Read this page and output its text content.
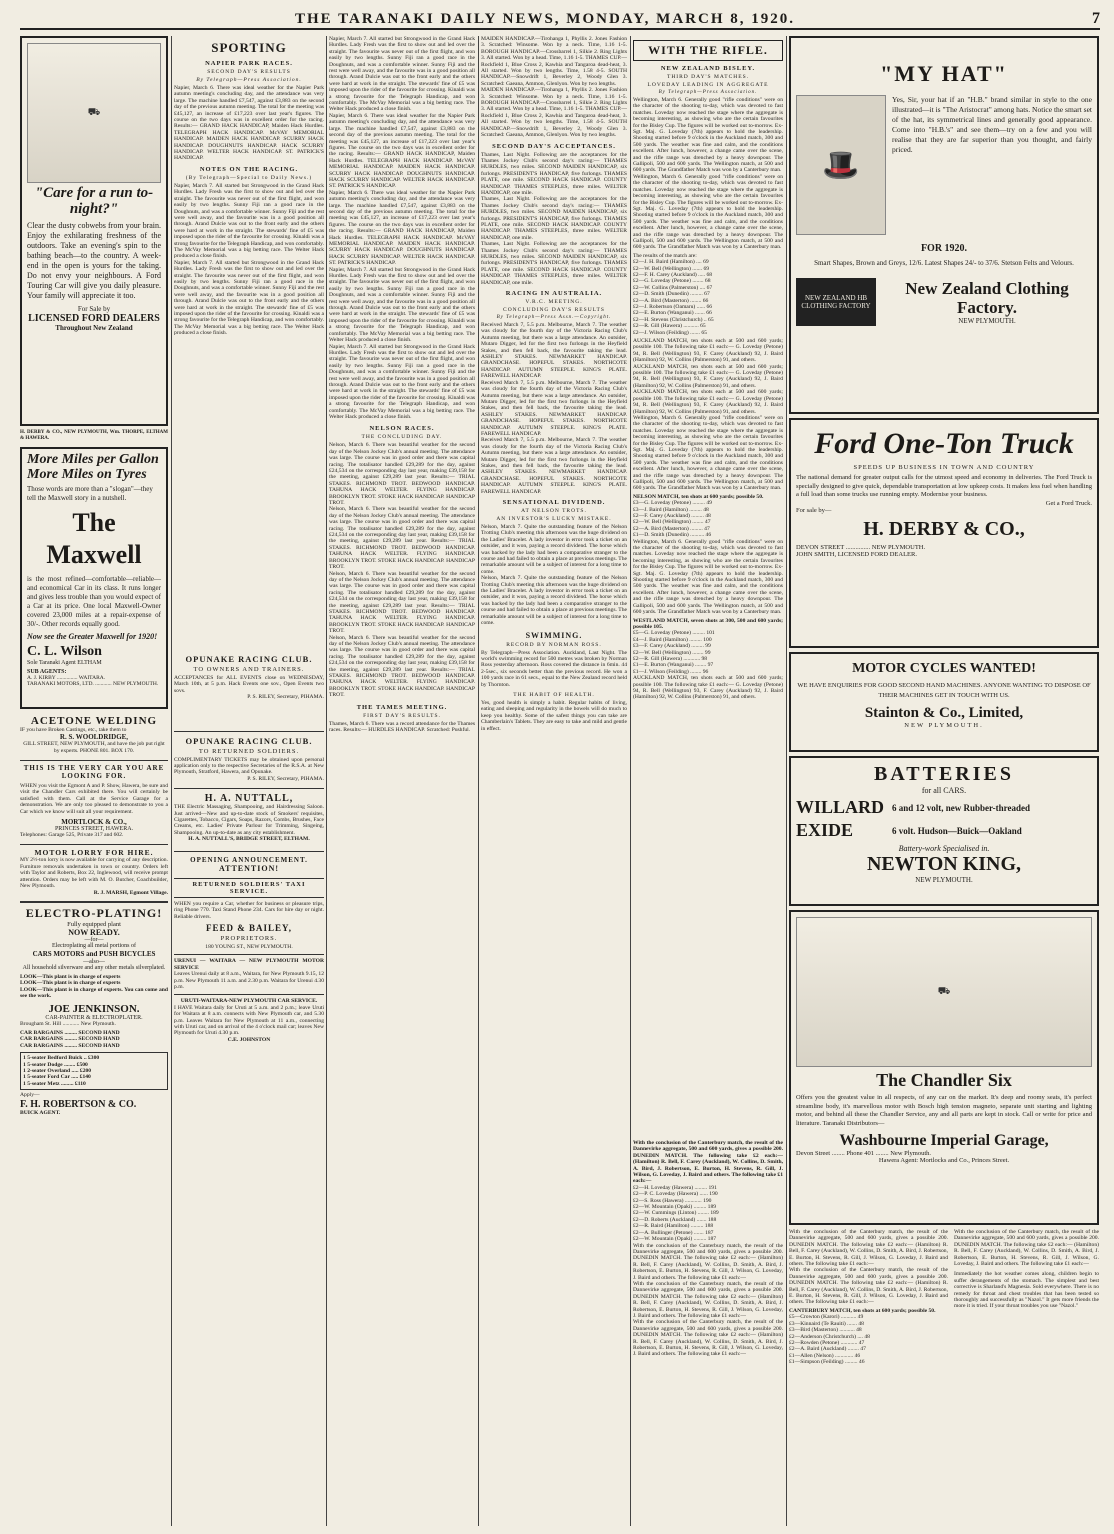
THE TARANAKI DAILY NEWS, MONDAY, MARCH 8, 1920.	7
⛟
"Care for a run to-night?"
Clear the dusty cobwebs from your brain. Enjoy the exhilarating freshness of the outdoors. Take an evening's spin to the bathing beach—to the country. A week-end in the open is yours for the taking. Do not envy your neighbours. A Ford Touring Car will give you daily pleasure. Your family will appreciate it too.
For Sale by
LICENSED FORD DEALERS
Throughout New Zealand
H. DERBY & CO., NEW PLYMOUTH, Wm. THORPE, ELTHAM & HAWERA.
More Miles per Gallon
More Miles on Tyres
Those words are more than a "slogan"—they tell the Maxwell story in a nutshell.
The Maxwell
is the most refined—comfortable—reliable—and economical Car in its class. It runs longer and gives less trouble than you would expect of a Car at its price. One local Maxwell-Owner covered 23,000 miles at a repair-expense of 30/-. Other records equally good.
Now see the Greater Maxwell for 1920!
C. L. Wilson
Sole Taranaki Agent ELTHAM
SUB AGENTS:
A. J. KIRBY ............... WAITARA.
TARANAKI MOTORS, LTD. ............ NEW PLYMOUTH.
ACETONE WELDING
IF you have Broken Castings, etc., take them to
R. S. WOOLDRIDGE,
GILL STREET, NEW PLYMOUTH, and have the job put right by experts. PHONE 801. BOX 170.
THIS IS THE VERY CAR YOU ARE LOOKING FOR.
WHEN you visit the Egmont A and P. Show, Hawera, be sure and visit the Chandler Cars exhibited there. You will certainly be satisfied with them. Call at the Service Garage for a demonstration. We are only too pleased to demonstrate to you a Car which we know will suit all your requirement.
MORTLOCK & CO.,
PRINCES STREET, HAWERA.
Telephones: Garage 525, Private 317 and 602.
MOTOR LORRY FOR HIRE.
MY 2½-ton lorry is now available for carrying of any description. Furniture removals undertaken in town or country. Orders left with Taylor and Roberts, Box 22, Inglewood, will receive prompt attention. Orders may be left with M. O. Butcher, Coachbuilder, New Plymouth.
R. J. MARSH, Egmont Village.
ELECTRO-PLATING!
Fully equipped plant
NOW READY.
—for—
Electroplating all metal portions of
CARS MOTORS and PUSH BICYCLES
—also—
All household silverware and any other metals silverplated.
LOOK—This plant is in charge of experts
LOOK—This plant is in charge of experts
LOOK—This plant is in charge of experts. You can come and see the work.
JOE JENKINSON.
CAR-PAINTER & ELECTROPLATER.
Brougham St. Hill ............ New Plymouth.
CAR BARGAINS ......... SECOND HAND
CAR BARGAINS ......... SECOND HAND
CAR BARGAINS ......... SECOND HAND
1 5-seater Bedford Buick .. £300
1 5-seater Dodge ........ £500
1 2-seater Overland ..... £200
1 5-seater Ford Car ..... £140
1 5-seater Metz ......... £110
Apply—
F. H. ROBERTSON & CO.
BUICK AGENT.
OPUNAKE RACING CLUB.
TO OWNERS AND TRAINERS.
ACCEPTANCES for ALL EVENTS close on WEDNESDAY, March 10th, at 5 p.m. Hack Events one sov., Open Events two sovs.
P. S. RILEY, Secretary, PIHAMA.
OPUNAKE RACING CLUB.
TO RETURNED SOLDIERS.
COMPLIMENTARY TICKETS may be obtained upon personal application only to the respective Secretaries of the R.S.A. at New Plymouth, Stratford, Hawera, and Opunake.
P. S. RILEY, Secretary, PIHAMA.
H. A. NUTTALL,
THE Electric Massaging, Shampooing, and Hairdressing Saloon. Just arrived—New and up-to-date stock of Smokers' requisites, Cigarettes, Tobacco, Cigars, Soaps, Razors, Combs, Brushes, Face Creams, etc. Ladies' Private Parlour for Trimming, Singeing, Shampooing. An up-to-date as any city establishment.
H. A. NUTTALL'S, BRIDGE STREET, ELTHAM.
OPENING ANNOUNCEMENT.
ATTENTION!
RETURNED SOLDIERS' TAXI SERVICE.
WHEN you require a Car, whether for business or pleasure trips, ring Phone 770. Taxi Stand Phone 234. Cars for hire day or night. Reliable drivers.
FEED & BAILEY,
PROPRIETORS.
180 YOUNG ST., NEW PLYMOUTH.
URENUI — WAITARA — NEW PLYMOUTH MOTOR SERVICE
Leaves Urenui daily at 8 a.m., Waitara, for New Plymouth 9.15, 12 p.m. New Plymouth 11 a.m. and 2.30 p.m. Waitara for Urenui 4.30 p.m.
URUTI-WAITARA-NEW PLYMOUTH CAR SERVICE.
I HAVE Waitara daily for Uruti at 5 a.m. and 2 p.m.; leave Uruti for Waitara at 8 a.m. connects with New Plymouth car, and 5.30 p.m. Leaves Waitara for New Plymouth at 11 a.m., connecting with Uruti car, and on arrival of the 4 o'clock mail car; leaves New Plymouth for Uruti 4.30 p.m.
C.E. JOHNSTON
SPORTING
NAPIER PARK RACES.
SECOND DAY'S RESULTS
By Telegraph—Press Association.
Napier, March 6. There was ideal weather for the Napier Park autumn meeting's concluding day, and the attendance was very large. The machine handled £7,547, against £3,883 on the second day of the previous autumn meeting. The total for the meeting was £45,127, an increase of £17,223 over last year's figures. The course on the two days was in excellent order for the racing. Results:— GRAND HACK HANDICAP, Maiden Hack Hurdles. TELEGRAPH HACK HANDICAP. McVAY MEMORIAL HANDICAP. MAIDEN HACK HANDICAP. SCURRY HACK HANDICAP. DOUGHNUTS HANDICAP. HACK SCURRY HANDICAP. WELTER HACK HANDICAP. ST. PATRICK'S HANDICAP.
NOTES ON THE RACING.
(By Telegraph—Special to Daily News.)
Napier, March 7. All started but Strongwood in the Grand Hack Hurdles. Lady Fresh was the first to show out and led over the straight. The favourite was never out of the first flight, and won easily by two lengths. Sunny Fiji ran a good race in the Doughnuts, and was a comfortable winner. Sunny Fiji and the rest were well away, and the favourite was in a good position all through. Arand Dulcie was out to the front early and the others were hard at work in the straight. The stewards' fine of £5 was imposed upon the rider of the favourite for crossing. Kinaldi was a strong favourite for the Telegraph Handicap, and won comfortably. The McVay Memorial was a big betting race. The Welter Hack produced a close finish.
Napier, March 7. All started but Strongwood in the Grand Hack Hurdles. Lady Fresh was the first to show out and led over the straight. The favourite was never out of the first flight, and won easily by two lengths. Sunny Fiji ran a good race in the Doughnuts, and was a comfortable winner. Sunny Fiji and the rest were well away, and the favourite was in a good position all through. Arand Dulcie was out to the front early and the others were hard at work in the straight. The stewards' fine of £5 was imposed upon the rider of the favourite for crossing. Kinaldi was a strong favourite for the Telegraph Handicap, and won comfortably. The McVay Memorial was a big betting race. The Welter Hack produced a close finish.
Napier, March 7. All started but Strongwood in the Grand Hack Hurdles. Lady Fresh was the first to show out and led over the straight. The favourite was never out of the first flight, and won easily by two lengths. Sunny Fiji ran a good race in the Doughnuts, and was a comfortable winner. Sunny Fiji and the rest were well away, and the favourite was in a good position all through. Arand Dulcie was out to the front early and the others were hard at work in the straight. The stewards' fine of £5 was imposed upon the rider of the favourite for crossing. Kinaldi was a strong favourite for the Telegraph Handicap, and won comfortably. The McVay Memorial was a big betting race. The Welter Hack produced a close finish.
Napier, March 6. There was ideal weather for the Napier Park autumn meeting's concluding day, and the attendance was very large. The machine handled £7,547, against £3,883 on the second day of the previous autumn meeting. The total for the meeting was £45,127, an increase of £17,223 over last year's figures. The course on the two days was in excellent order for the racing. Results:— GRAND HACK HANDICAP, Maiden Hack Hurdles. TELEGRAPH HACK HANDICAP. McVAY MEMORIAL HANDICAP. MAIDEN HACK HANDICAP. SCURRY HACK HANDICAP. DOUGHNUTS HANDICAP. HACK SCURRY HANDICAP. WELTER HACK HANDICAP. ST. PATRICK'S HANDICAP.
Napier, March 6. There was ideal weather for the Napier Park autumn meeting's concluding day, and the attendance was very large. The machine handled £7,547, against £3,883 on the second day of the previous autumn meeting. The total for the meeting was £45,127, an increase of £17,223 over last year's figures. The course on the two days was in excellent order for the racing. Results:— GRAND HACK HANDICAP, Maiden Hack Hurdles. TELEGRAPH HACK HANDICAP. McVAY MEMORIAL HANDICAP. MAIDEN HACK HANDICAP. SCURRY HACK HANDICAP. DOUGHNUTS HANDICAP. HACK SCURRY HANDICAP. WELTER HACK HANDICAP. ST. PATRICK'S HANDICAP.
Napier, March 7. All started but Strongwood in the Grand Hack Hurdles. Lady Fresh was the first to show out and led over the straight. The favourite was never out of the first flight, and won easily by two lengths. Sunny Fiji ran a good race in the Doughnuts, and was a comfortable winner. Sunny Fiji and the rest were well away, and the favourite was in a good position all through. Arand Dulcie was out to the front early and the others were hard at work in the straight. The stewards' fine of £5 was imposed upon the rider of the favourite for crossing. Kinaldi was a strong favourite for the Telegraph Handicap, and won comfortably. The McVay Memorial was a big betting race. The Welter Hack produced a close finish.
Napier, March 7. All started but Strongwood in the Grand Hack Hurdles. Lady Fresh was the first to show out and led over the straight. The favourite was never out of the first flight, and won easily by two lengths. Sunny Fiji ran a good race in the Doughnuts, and was a comfortable winner. Sunny Fiji and the rest were well away, and the favourite was in a good position all through. Arand Dulcie was out to the front early and the others were hard at work in the straight. The stewards' fine of £5 was imposed upon the rider of the favourite for crossing. Kinaldi was a strong favourite for the Telegraph Handicap, and won comfortably. The McVay Memorial was a big betting race. The Welter Hack produced a close finish.
NELSON RACES.
THE CONCLUDING DAY.
Nelson, March 6. There was beautiful weather for the second day of the Nelson Jockey Club's annual meeting. The attendance was large. The course was in good order and there was capital racing. The totalisator handled £29,289 for the day, against £24,534 on the corresponding day last year, making £39,158 for the meeting, against £29,289 last year. Results:— TRIAL STAKES. RICHMOND TROT. BEDWOOD HANDICAP. TAHUNA HACK WELTER. FLYING HANDICAP. BROOKLYN TROT. STOKE HACK HANDICAP. HANDICAP TROT.
Nelson, March 6. There was beautiful weather for the second day of the Nelson Jockey Club's annual meeting. The attendance was large. The course was in good order and there was capital racing. The totalisator handled £29,289 for the day, against £24,534 on the corresponding day last year, making £39,158 for the meeting, against £29,289 last year. Results:— TRIAL STAKES. RICHMOND TROT. BEDWOOD HANDICAP. TAHUNA HACK WELTER. FLYING HANDICAP. BROOKLYN TROT. STOKE HACK HANDICAP. HANDICAP TROT.
Nelson, March 6. There was beautiful weather for the second day of the Nelson Jockey Club's annual meeting. The attendance was large. The course was in good order and there was capital racing. The totalisator handled £29,289 for the day, against £24,534 on the corresponding day last year, making £39,158 for the meeting, against £29,289 last year. Results:— TRIAL STAKES. RICHMOND TROT. BEDWOOD HANDICAP. TAHUNA HACK WELTER. FLYING HANDICAP. BROOKLYN TROT. STOKE HACK HANDICAP. HANDICAP TROT.
Nelson, March 6. There was beautiful weather for the second day of the Nelson Jockey Club's annual meeting. The attendance was large. The course was in good order and there was capital racing. The totalisator handled £29,289 for the day, against £24,534 on the corresponding day last year, making £39,158 for the meeting, against £29,289 last year. Results:— TRIAL STAKES. RICHMOND TROT. BEDWOOD HANDICAP. TAHUNA HACK WELTER. FLYING HANDICAP. BROOKLYN TROT. STOKE HACK HANDICAP. HANDICAP TROT.
THE TAMES MEETING.
FIRST DAY'S RESULTS.
Thames, March 6. There was a record attendance for the Thames races. Results:— HURDLES HANDICAP. Scratched: Pushful.
MAIDEN HANDICAP.—Tirohanga 1, Phyllis 2. Jones Fashion 3. Scratched: Winsome. Won by a neck. Time, 1.16 1-5. BOROUGH HANDICAP.—Crossbarrel 1, Silkie 2. Ring Lights 3. All started. Won by a head. Time, 1.16 1-5. THAMES CUP.—Rockfield 1, Blue Cross 2, Kawhia and Tangaroa dead-heat, 3. All started. Won by two lengths. Time, 1.58 4-5. SOUTH HANDICAP.—Snowdrift 1, Beverley 2, Woody Glen 3. Scratched: Gaeana, Ammon, Glenlyon. Won by two lengths.
MAIDEN HANDICAP.—Tirohanga 1, Phyllis 2. Jones Fashion 3. Scratched: Winsome. Won by a neck. Time, 1.16 1-5. BOROUGH HANDICAP.—Crossbarrel 1, Silkie 2. Ring Lights 3. All started. Won by a head. Time, 1.16 1-5. THAMES CUP.—Rockfield 1, Blue Cross 2, Kawhia and Tangaroa dead-heat, 3. All started. Won by two lengths. Time, 1.58 4-5. SOUTH HANDICAP.—Snowdrift 1, Beverley 2, Woody Glen 3. Scratched: Gaeana, Ammon, Glenlyon. Won by two lengths.
SECOND DAY'S ACCEPTANCES.
Thames, Last Night. Following are the acceptances for the Thames Jockey Club's second day's racing:— THAMES HURDLES, two miles. SECOND MAIDEN HANDICAP, six furlongs. PRESIDENT'S HANDICAP, five furlongs. THAMES PLATE, one mile. SECOND HACK HANDICAP. COUNTY HANDICAP. THAMES STEEPLES, three miles. WELTER HANDICAP, one mile.
Thames, Last Night. Following are the acceptances for the Thames Jockey Club's second day's racing:— THAMES HURDLES, two miles. SECOND MAIDEN HANDICAP, six furlongs. PRESIDENT'S HANDICAP, five furlongs. THAMES PLATE, one mile. SECOND HACK HANDICAP. COUNTY HANDICAP. THAMES STEEPLES, three miles. WELTER HANDICAP, one mile.
Thames, Last Night. Following are the acceptances for the Thames Jockey Club's second day's racing:— THAMES HURDLES, two miles. SECOND MAIDEN HANDICAP, six furlongs. PRESIDENT'S HANDICAP, five furlongs. THAMES PLATE, one mile. SECOND HACK HANDICAP. COUNTY HANDICAP. THAMES STEEPLES, three miles. WELTER HANDICAP, one mile.
RACING IN AUSTRALIA.
V.R.C. MEETING.
CONCLUDING DAY'S RESULTS
By Telegraph—Press Assn.—Copyright.
Received March 7, 5.5 p.m. Melbourne, March 7. The weather was cloudy for the fourth day of the Victoria Racing Club's Autumn meeting, but there was a large attendance. An outsider, Mutaro Digger, led for the first two furlongs in the Heyfield Stakes, and then fell back, the favourite taking the lead. ASHLEY STAKES. NEWMARKET HANDICAP. GRANDCHASE. HOPEFUL STAKES. NORTHCOTE HANDICAP. AUTUMN STEEPLE. KING'S PLATE. FAREWELL HANDICAP.
Received March 7, 5.5 p.m. Melbourne, March 7. The weather was cloudy for the fourth day of the Victoria Racing Club's Autumn meeting, but there was a large attendance. An outsider, Mutaro Digger, led for the first two furlongs in the Heyfield Stakes, and then fell back, the favourite taking the lead. ASHLEY STAKES. NEWMARKET HANDICAP. GRANDCHASE. HOPEFUL STAKES. NORTHCOTE HANDICAP. AUTUMN STEEPLE. KING'S PLATE. FAREWELL HANDICAP.
Received March 7, 5.5 p.m. Melbourne, March 7. The weather was cloudy for the fourth day of the Victoria Racing Club's Autumn meeting, but there was a large attendance. An outsider, Mutaro Digger, led for the first two furlongs in the Heyfield Stakes, and then fell back, the favourite taking the lead. ASHLEY STAKES. NEWMARKET HANDICAP. GRANDCHASE. HOPEFUL STAKES. NORTHCOTE HANDICAP. AUTUMN STEEPLE. KING'S PLATE. FAREWELL HANDICAP.
SENSATIONAL DIVIDEND.
AT NELSON TROTS.
AN INVESTOR'S LUCKY MISTAKE.
Nelson, March 7. Quite the outstanding feature of the Nelson Trotting Club's meeting this afternoon was the huge dividend on the Ladies' Bracelet. A lady investor in error took a ticket on an outsider, and it won, paying a record dividend. The horse which was backed by the lady had been a comparative stranger to the course and had failed to obtain a place at previous meetings. The remarkable amount will be a subject of interest for a long time to come.
Nelson, March 7. Quite the outstanding feature of the Nelson Trotting Club's meeting this afternoon was the huge dividend on the Ladies' Bracelet. A lady investor in error took a ticket on an outsider, and it won, paying a record dividend. The horse which was backed by the lady had been a comparative stranger to the course and had failed to obtain a place at previous meetings. The remarkable amount will be a subject of interest for a long time to come.
SWIMMING.
RECORD BY NORMAN ROSS.
By Telegraph—Press Association. Auckland, Last Night. The world's swimming record for 500 metres was broken by Norman Ross yesterday afternoon. Ross covered the distance in 6min. 44 2-5sec., six seconds better than the previous record. He won a 100 yards race in 61 secs., equal to the New Zealand record held by Thornton.
THE HABIT OF HEALTH.
Yes, good health is simply a habit. Regular habits of living, eating and sleeping and regularity in the bowels will do much to keep you healthy. Some of the safest things you can take are Chamberlain's Tablets. They are easy to take and mild and gentle in effect.
WITH THE RIFLE.
NEW ZEALAND BISLEY.
THIRD DAY'S MATCHES.
LOVEDAY LEADING IN AGGREGATE
By Telegraph—Press Association.
Wellington, March 6. Generally good "rifle conditions" were on the character of the shooting to-day, which was devoted to fast matches. Loveday now reached the stage where the aggregate is becoming interesting, as showing who are the certain favourites for the Bisley Cup. The figures will be worked out to-morrow. Ex-Sgt. Maj. G. Loveday (7th) appears to hold the leadership. Shooting started before 9 o'clock in the Auckland match, 300 and 500 yards. The weather was fine and calm, and the conditions excellent. After lunch, however, a change came over the scene, and the rifle range was drenched by a heavy downpour. The Gallipoli, 500 and 600 yards. The Wellington match, at 500 and 600 yards. The Grandfather Match was won by a Canterbury man.
Wellington, March 6. Generally good "rifle conditions" were on the character of the shooting to-day, which was devoted to fast matches. Loveday now reached the stage where the aggregate is becoming interesting, as showing who are the certain favourites for the Bisley Cup. The figures will be worked out to-morrow. Ex-Sgt. Maj. G. Loveday (7th) appears to hold the leadership. Shooting started before 9 o'clock in the Auckland match, 300 and 500 yards. The weather was fine and calm, and the conditions excellent. After lunch, however, a change came over the scene, and the rifle range was drenched by a heavy downpour. The Gallipoli, 500 and 600 yards. The Wellington match, at 500 and 600 yards. The Grandfather Match was won by a Canterbury man.
The results of the match are:
• £2—J. H. Baird (Hamilton) .... 69
• £2—W. Bell (Wellington) ....... 69
• £2—F. H. Carey (Auckland) ..... 68
• £2—G. Loveday (Petone) ........ 68
• £2—W. Collins (Palmerston) .... 67
• £2—D. Smith (Dunedin) ......... 67
• £2—A. Bird (Masterton) ........ 66
• £2—J. Robertson (Oamaru) ...... 66
• £2—E. Burton (Wanganui) ....... 66
• £2—H. Stevens (Christchurch) .. 65
• £2—R. Gill (Hawera) ........... 65
• £2—J. Wilson (Feilding) ....... 65
AUCKLAND MATCH, ten shots each at 500 and 600 yards; possible 100. The following take £1 each:— G. Loveday (Petone) 94, R. Bell (Wellington) 93, F. Carey (Auckland) 92, J. Baird (Hamilton) 92, W. Collins (Palmerston) 91, and others.
AUCKLAND MATCH, ten shots each at 500 and 600 yards; possible 100. The following take £1 each:— G. Loveday (Petone) 94, R. Bell (Wellington) 93, F. Carey (Auckland) 92, J. Baird (Hamilton) 92, W. Collins (Palmerston) 91, and others.
AUCKLAND MATCH, ten shots each at 500 and 600 yards; possible 100. The following take £1 each:— G. Loveday (Petone) 94, R. Bell (Wellington) 93, F. Carey (Auckland) 92, J. Baird (Hamilton) 92, W. Collins (Palmerston) 91, and others.
Wellington, March 6. Generally good "rifle conditions" were on the character of the shooting to-day, which was devoted to fast matches. Loveday now reached the stage where the aggregate is becoming interesting, as showing who are the certain favourites for the Bisley Cup. The figures will be worked out to-morrow. Ex-Sgt. Maj. G. Loveday (7th) appears to hold the leadership. Shooting started before 9 o'clock in the Auckland match, 300 and 500 yards. The weather was fine and calm, and the conditions excellent. After lunch, however, a change came over the scene, and the rifle range was drenched by a heavy downpour. The Gallipoli, 500 and 600 yards. The Wellington match, at 500 and 600 yards. The Grandfather Match was won by a Canterbury man.
NELSON MATCH, ten shots at 600 yards; possible 50.
• £3—G. Loveday (Petone) ......... 49
• £3—J. Baird (Hamilton) ......... 48
• £2—F. Carey (Auckland) ......... 48
• £2—W. Bell (Wellington) ........ 47
• £2—A. Bird (Masterton) ......... 47
• £1—D. Smith (Dunedin) .......... 46
Wellington, March 6. Generally good "rifle conditions" were on the character of the shooting to-day, which was devoted to fast matches. Loveday now reached the stage where the aggregate is becoming interesting, as showing who are the certain favourites for the Bisley Cup. The figures will be worked out to-morrow. Ex-Sgt. Maj. G. Loveday (7th) appears to hold the leadership. Shooting started before 9 o'clock in the Auckland match, 300 and 500 yards. The weather was fine and calm, and the conditions excellent. After lunch, however, a change came over the scene, and the rifle range was drenched by a heavy downpour. The Gallipoli, 500 and 600 yards. The Wellington match, at 500 and 600 yards. The Grandfather Match was won by a Canterbury man.
WESTLAND MATCH, seven shots at 300, 500 and 600 yards; possible 105.
• £5—G. Loveday (Petone) ......... 101
• £4—J. Baird (Hamilton) ......... 100
• £3—F. Carey (Auckland) ......... 99
• £2—W. Bell (Wellington) ........ 99
• £2—R. Gill (Hawera) ............ 98
• £1—E. Burton (Wanganui) ........ 97
• £1—J. Wilson (Feilding) ........ 96
AUCKLAND MATCH, ten shots each at 500 and 600 yards; possible 100. The following take £1 each:— G. Loveday (Petone) 94, R. Bell (Wellington) 93, F. Carey (Auckland) 92, J. Baird (Hamilton) 92, W. Collins (Palmerston) 91, and others.
"MY HAT"
🎩
Yes, Sir, your hat if an "H.B." brand similar in style to the one illustrated—it is "The Aristocrat" among hats. Notice the smart set of the hat, its symmetrical lines and generally good appearance. Come into "H.B.'s" and see them—try on a few and you will realise that they are far superior than you thought, and fairly priced.
FOR 1920.
Smart Shapes, Brown and Greys, 12/6. Latest Shapes 24/- to 37/6. Stetson Felts and Velours.
NEW ZEALAND HB CLOTHING FACTORY
New Zealand Clothing Factory.
NEW PLYMOUTH.
Ford One-Ton Truck
SPEEDS UP BUSINESS IN TOWN AND COUNTRY
The national demand for greater output calls for the utmost speed and economy in deliveries. The Ford Truck is specially designed to give quick, dependable transportation at low upkeep costs. It makes less fuel when handling a full load than some trucks use running empty. Modernise your business.
Get a Ford Truck.
For sale by—
H. DERBY & CO.,
DEVON STREET ............... NEW PLYMOUTH.
JOHN SMITH, LICENSED FORD DEALER.
MOTOR CYCLES WANTED!
WE HAVE ENQUIRIES FOR GOOD SECOND HAND MACHINES. ANYONE WANTING TO DISPOSE OF THEIR MACHINES GET IN TOUCH WITH US.
Stainton & Co., Limited,
NEW PLYMOUTH.
BATTERIES
for all CARS.
WILLARD 6 and 12 volt, new Rubber-threaded
EXIDE	6 volt. Hudson—Buick—Oakland
Battery-work Specialised in.
NEWTON KING,
NEW PLYMOUTH.
⛟
The Chandler Six
Offers you the greatest value in all respects, of any car on the market. It's deep and roomy seats, it's perfect streamline body, it's marvellous motor with Bosch high tension magneto, separate unit starting and lighting motor, and behind all these the Chandler Service, any and all parts are kept in stock. Call or write for price and literature. Taranaki Distributors—
Washbourne Imperial Garage,
Devon Street ........ Phone 401 ........ New Plymouth.
Hawera Agent: Mortlocks and Co., Princes Street.
With the conclusion of the Canterbury match, the result of the Dannevirke aggregate, 500 and 600 yards, gives a possible 200. DUNEDIN MATCH. The following take £2 each:— (Hamilton) R. Bell, F. Carey (Auckland), W. Collins, D. Smith, A. Bird, J. Robertson, E. Burton, H. Stevens, R. Gill, J. Wilson, G. Loveday, J. Baird and others. The following take £1 each:—
With the conclusion of the Canterbury match, the result of the Dannevirke aggregate, 500 and 600 yards, gives a possible 200. DUNEDIN MATCH. The following take £2 each:— (Hamilton) R. Bell, F. Carey (Auckland), W. Collins, D. Smith, A. Bird, J. Robertson, E. Burton, H. Stevens, R. Gill, J. Wilson, G. Loveday, J. Baird and others. The following take £1 each:—
CANTERBURY MATCH, ten shots at 600 yards; possible 50.
• £5—Crowton (Karori) ........... 49
• £3—Kinnaird (Te Rauiti) ....... 48
• £3—Bird (Masterton) ........... 48
• £2—Anderson (Christchurch) .... 48
• £2—Rowden (Petone) ............ 47
• £2—A. Baird (Auckland) ........ 47
• £1—Allen (Nelson) ............. 46
• £1—Simpson (Feilding) ......... 46
With the conclusion of the Canterbury match, the result of the Dannevirke aggregate, 500 and 600 yards, gives a possible 200. DUNEDIN MATCH. The following take £2 each:— (Hamilton) R. Bell, F. Carey (Auckland), W. Collins, D. Smith, A. Bird, J. Robertson, E. Burton, H. Stevens, R. Gill, J. Wilson, G. Loveday, J. Baird and others. The following take £1 each:—
Immediately the hot weather comes along, children begin to suffer derangements of the stomach. The simplest and best corrective is Sharland's Magnesia. Sold everywhere. There is no remedy for throat and chest troubles that has been tested so thoroughly and successfully as "Nazol." It gets more friends the more it is tried. If your throat troubles you use "Nazol."
With the conclusion of the Canterbury match, the result of the Dannevirke aggregate, 500 and 600 yards, gives a possible 200. DUNEDIN MATCH. The following take £2 each:— (Hamilton) R. Bell, F. Carey (Auckland), W. Collins, D. Smith, A. Bird, J. Robertson, E. Burton, H. Stevens, R. Gill, J. Wilson, G. Loveday, J. Baird and others. The following take £1 each:—
• £2—H. Loveday (Hawera) ......... 191
• £2—P. C. Loveday (Hawera) ...... 190
• £2—S. Ross (Hawera) ............ 190
• £2—W. Mountain (Opaki) ......... 189
• £2—W. Cummings (Linton) ........ 189
• £2—D. Roberts (Auckland) ....... 188
• £2—R. Baird (Hamilton) ......... 188
• £2—A. Bullinger (Petone) ....... 187
• £2—W. Mountain (Opaki) ......... 187
With the conclusion of the Canterbury match, the result of the Dannevirke aggregate, 500 and 600 yards, gives a possible 200. DUNEDIN MATCH. The following take £2 each:— (Hamilton) R. Bell, F. Carey (Auckland), W. Collins, D. Smith, A. Bird, J. Robertson, E. Burton, H. Stevens, R. Gill, J. Wilson, G. Loveday, J. Baird and others. The following take £1 each:—
With the conclusion of the Canterbury match, the result of the Dannevirke aggregate, 500 and 600 yards, gives a possible 200. DUNEDIN MATCH. The following take £2 each:— (Hamilton) R. Bell, F. Carey (Auckland), W. Collins, D. Smith, A. Bird, J. Robertson, E. Burton, H. Stevens, R. Gill, J. Wilson, G. Loveday, J. Baird and others. The following take £1 each:—
With the conclusion of the Canterbury match, the result of the Dannevirke aggregate, 500 and 600 yards, gives a possible 200. DUNEDIN MATCH. The following take £2 each:— (Hamilton) R. Bell, F. Carey (Auckland), W. Collins, D. Smith, A. Bird, J. Robertson, E. Burton, H. Stevens, R. Gill, J. Wilson, G. Loveday, J. Baird and others. The following take £1 each:—
